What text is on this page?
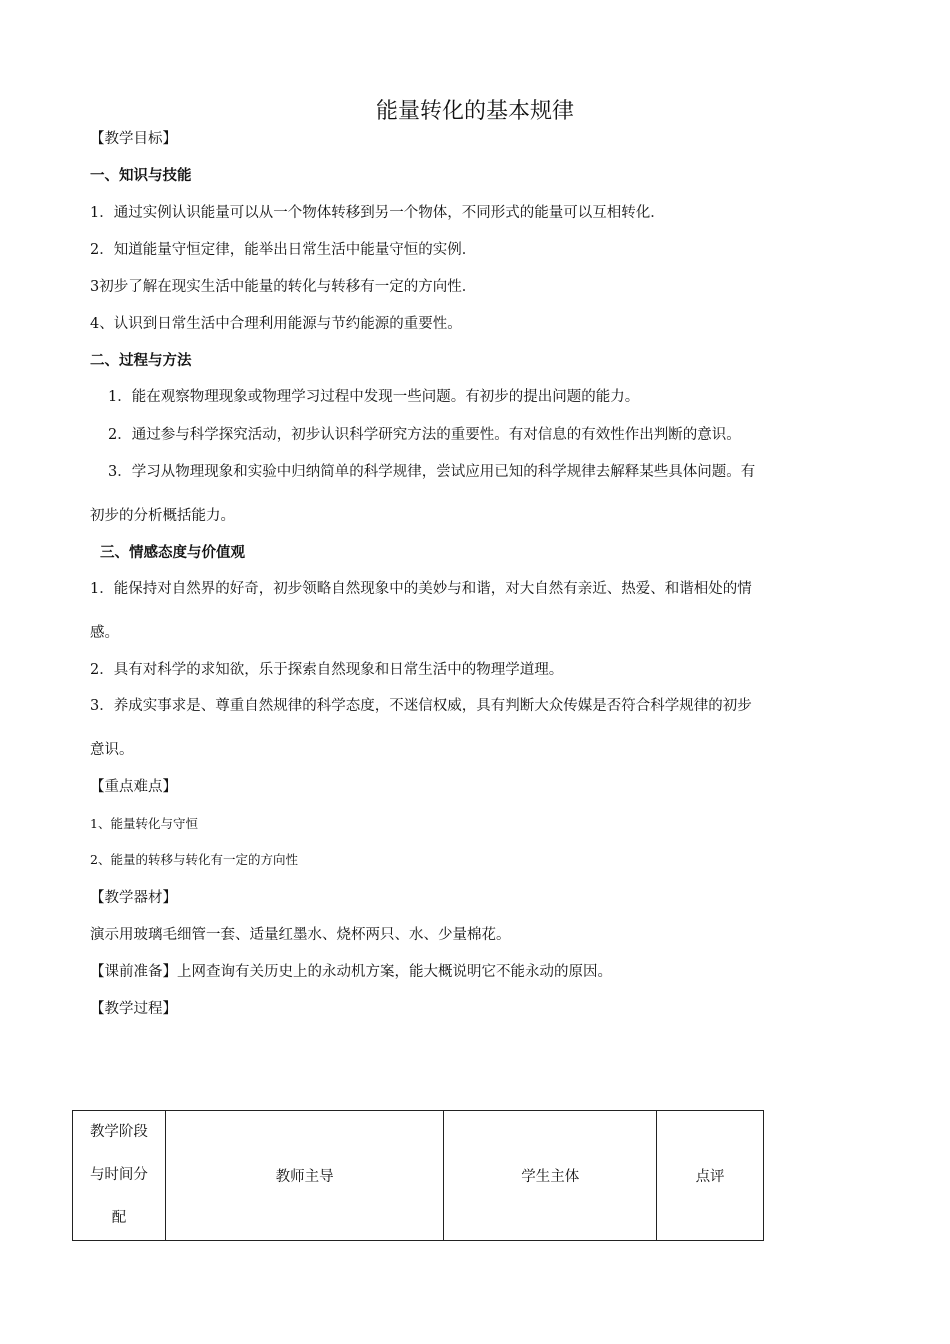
能量转化的基本规律
【教学目标】
一、知识与技能
1．通过实例认识能量可以从一个物体转移到另一个物体，不同形式的能量可以互相转化．
2．知道能量守恒定律，能举出日常生活中能量守恒的实例．
3初步了解在现实生活中能量的转化与转移有一定的方向性．
4、认识到日常生活中合理利用能源与节约能源的重要性。
二、过程与方法
1．能在观察物理现象或物理学习过程中发现一些问题。有初步的提出问题的能力。
2．通过参与科学探究活动，初步认识科学研究方法的重要性。有对信息的有效性作出判断的意识。
3．学习从物理现象和实验中归纳简单的科学规律，尝试应用已知的科学规律去解释某些具体问题。有
初步的分析概括能力。
三、情感态度与价值观
1．能保持对自然界的好奇，初步领略自然现象中的美妙与和谐，对大自然有亲近、热爱、和谐相处的情
感。
2．具有对科学的求知欲，乐于探索自然现象和日常生活中的物理学道理。
3．养成实事求是、尊重自然规律的科学态度，不迷信权威，具有判断大众传媒是否符合科学规律的初步
意识。
【重点难点】
1、能量转化与守恒
2、能量的转移与转化有一定的方向性
【教学器材】
演示用玻璃毛细管一套、适量红墨水、烧杯两只、水、少量棉花。
【课前准备】上网查询有关历史上的永动机方案，能大概说明它不能永动的原因。
【教学过程】
教学阶段
与时间分
配
	教师主导	学生主体	点评
